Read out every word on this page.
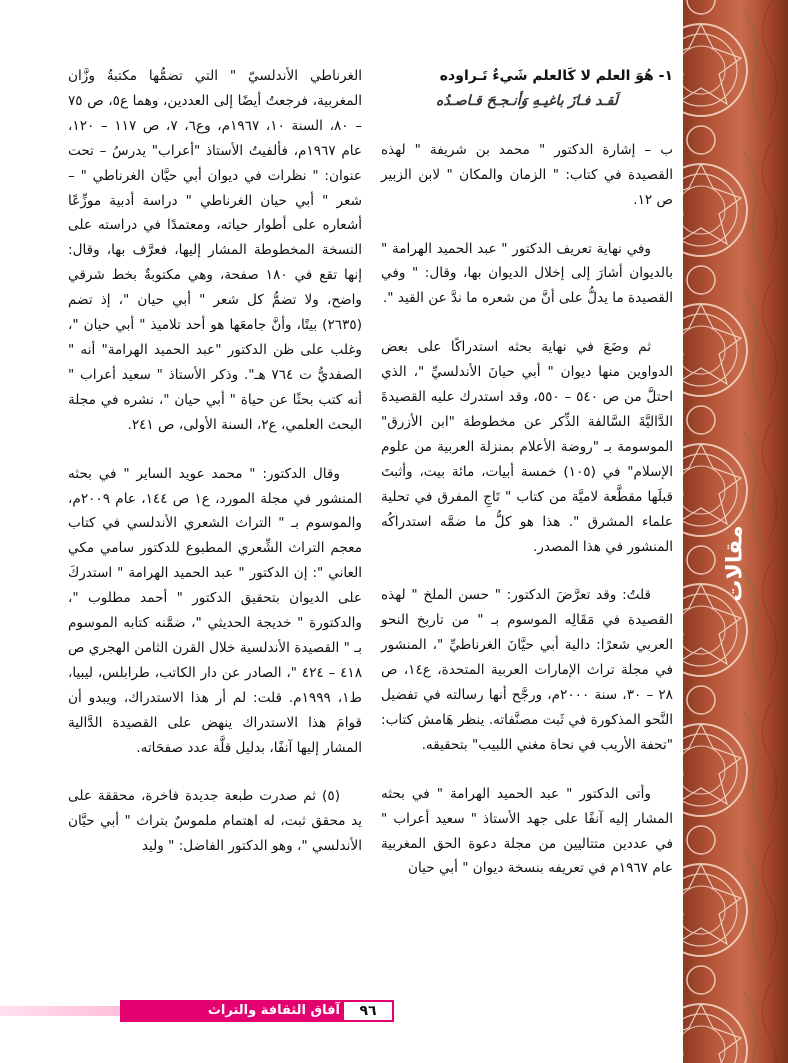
مقالات

١- هُوَ العلم لا كَالعلم شَيءٌ تَـراوده

لَقـد فـازَ باغيـهِ وَأنـجـحَ قـاصـدُه

ب – إشارة الدكتور " محمد بن شريفة " لهذه القصيدة في كتاب: " الزمان والمكان " لابن الزبير ص ١٢.

وفي نهاية تعريف الدكتور " عبد الحميد الهرامة " بالديوان أشارَ إلى إخلال الديوان بها، وقال: " وفي القصيدة ما يدلُّ على أنَّ من شعره ما ندَّ عن القيد ".

ثم وضَعَ في نهاية بحثه استدراكًا على بعض الدواوين منها ديوان " أبي حيانَ الأندلسيِّ "، الذي احتلَّ من ص ٥٤٠ – ٥٥٠، وقد استدرك عليه القصيدةَ الدَّاليَّةَ السَّالفة الذِّكر عن مخطوطة "ابن الأزرق" الموسومة بـ "روضة الأعلام بمنزلة العربية من علوم الإسلام" في (١٠٥) خمسة أبيات، مائة بيت، وأثبتَ قبلَها مقطَّعة لاميَّة من كتاب " تَاجِ المفرق في تحلية علماء المشرق ". هذا هو كلُّ ما ضمَّه استدراكُه المنشور في هذا المصدر.

قلتُ: وقد تعرَّضَ الدكتور: " حسن الملخ " لهذه القصيدة في مَقَالِه الموسوم بـ " من تاريخ النحو العربي شعرًا: دالية أبي حيَّانَ الغرناطيِّ "، المنشور في مجلة تراث الإمارات العربية المتحدة، ع١٤، ص ٢٨ – ٣٠، سنة ٢٠٠٠م، ورجَّح أنها رسالته في تفضيل النَّحو المذكورة في ثَبت مصنَّفاته. ينظر هَامش كتاب: "تحفة الأريب في نحاة مغني اللبيب" بتحقيقه.

وأتى الدكتور " عبد الحميد الهرامة " في بحثه المشار إليه آنفًا على جهد الأستاذ " سعيد أعراب " في عددين متتاليين من مجلة دعوة الحق المغربية عام ١٩٦٧م في تعريفه بنسخة ديوان " أبي حيان

الغرناطي الأندلسيّ " التي تضمُّها مكتبةُ وزَّان المغربية، فرجعتُ أيضًا إلى العددين، وهما ع٥، ص ٧٥ – ٨٠، السنة ١٠، ١٩٦٧م، وع٦، ٧، ص ١١٧ – ١٢٠، عام ١٩٦٧م، فألفيتُ الأستاذ "أعراب" يدرسُ – تحت عنوان: " نظرات في ديوان أبي حيَّان الغرناطي " – شعر " أبي حيان الغرناطي " دراسة أدبية موزِّعًا أشعاره على أطوار حياته، ومعتمدًا في دراسته على النسخة المخطوطة المشار إليها، فعرَّف بها، وقال: إنها تقع في ١٨٠ صفحة، وهي مكتوبةٌ بخط شرقي واضح، ولا تضمُّ كل شعر " أبي حيان "، إذ تضم (٢٦٣٥) بيتًا، وأنَّ جامعَها هو أحد تلاميذ " أبي حيان "، وغلب على ظن الدكتور "عبد الحميد الهرامة" أنه " الصفديُّ ت ٧٦٤ هـ". وذكر الأستاذ " سعيد أعراب " أنه كتب بحثًا عن حياة " أبي حيان "، نشره في مجلة البحث العلمي، ع٢، السنة الأولى، ص ٢٤١.

وقال الدكتور: " محمد عويد الساير " في بحثه المنشور في مجلة المورد، ع١ ص ١٤٤، عام ٢٠٠٩م، والموسوم بـ " التراث الشعري الأندلسي في كتاب معجم التراث الشِّعري المطبوع للدكتور سامي مكي العاني ": إن الدكتور " عبد الحميد الهرامة " استدركَ على الديوان بتحقيق الدكتور " أحمد مطلوب "، والدكتورة " خديجة الحديثي "، ضمَّنه كتابه الموسوم بـ " القصيدة الأندلسية خلال القرن الثامن الهجري ص ٤١٨ – ٤٢٤ "، الصادر عن دار الكاتب، طرابلس، ليبيا، ط١، ١٩٩٩م. قلت: لم أر هذا الاستدراك، ويبدو أن قوامَ هذا الاستدراك ينهض على القصيدة الدَّالية المشار إليها آنفًا، بدليل قلَّة عدد صفحَاته.

(٥) ثم صدرت طبعة جديدة فاخرة، محققة على يد محقق ثبت، له اهتمام ملموسٌ بتراث " أبي حيَّان الأندلسي "، وهو الدكتور الفاضل: " وليد

آفاق الثقافة والتراث	٩٦
